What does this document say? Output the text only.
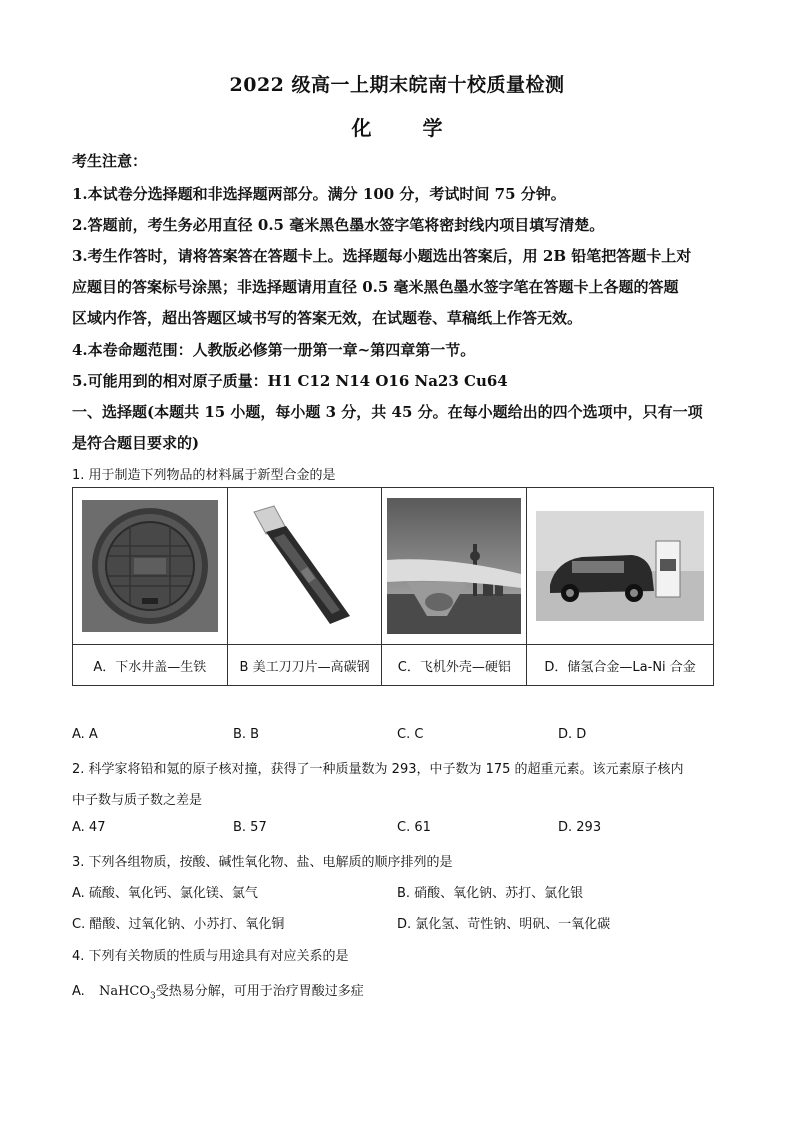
2022 级高一上期末皖南十校质量检测
化 学
考生注意：
1.本试卷分选择题和非选择题两部分。满分 100 分，考试时间 75 分钟。
2.答题前，考生务必用直径 0.5 毫米黑色墨水签字笔将密封线内项目填写清楚。
3.考生作答时，请将答案答在答题卡上。选择题每小题选出答案后，用 2B 铅笔把答题卡上对
应题目的答案标号涂黑；非选择题请用直径 0.5 毫米黑色墨水签字笔在答题卡上各题的答题
区域内作答，超出答题区域书写的答案无效，在试题卷、草稿纸上作答无效。
4.本卷命题范围：人教版必修第一册第一章~第四章第一节。
5.可能用到的相对原子质量：H1 C12 N14 O16 Na23 Cu64
一、选择题(本题共 15 小题，每小题 3 分，共 45 分。在每小题给出的四个选项中，只有一项
是符合题目要求的)
1. 用于制造下列物品的材料属于新型合金的是

A．下水井盖—生铁	B 美工刀刀片—高碳钢	C．飞机外壳—硬铝	D．储氢合金—La-Ni 合金
A. A	B. B	C. C	D. D
2. 科学家将铅和氪的原子核对撞，获得了一种质量数为 293，中子数为 175 的超重元素。该元素原子核内
中子数与质子数之差是
A. 47	B. 57	C. 61	D. 293
3. 下列各组物质，按酸、碱性氧化物、盐、电解质的顺序排列的是
A. 硫酸、氧化钙、氯化镁、氯气	B. 硝酸、氧化钠、苏打、氯化银
C. 醋酸、过氧化钠、小苏打、氧化铜	D. 氯化氢、苛性钠、明矾、一氧化碳
4. 下列有关物质的性质与用途具有对应关系的是
A. NaHCO$_3$受热易分解，可用于治疗胃酸过多症
